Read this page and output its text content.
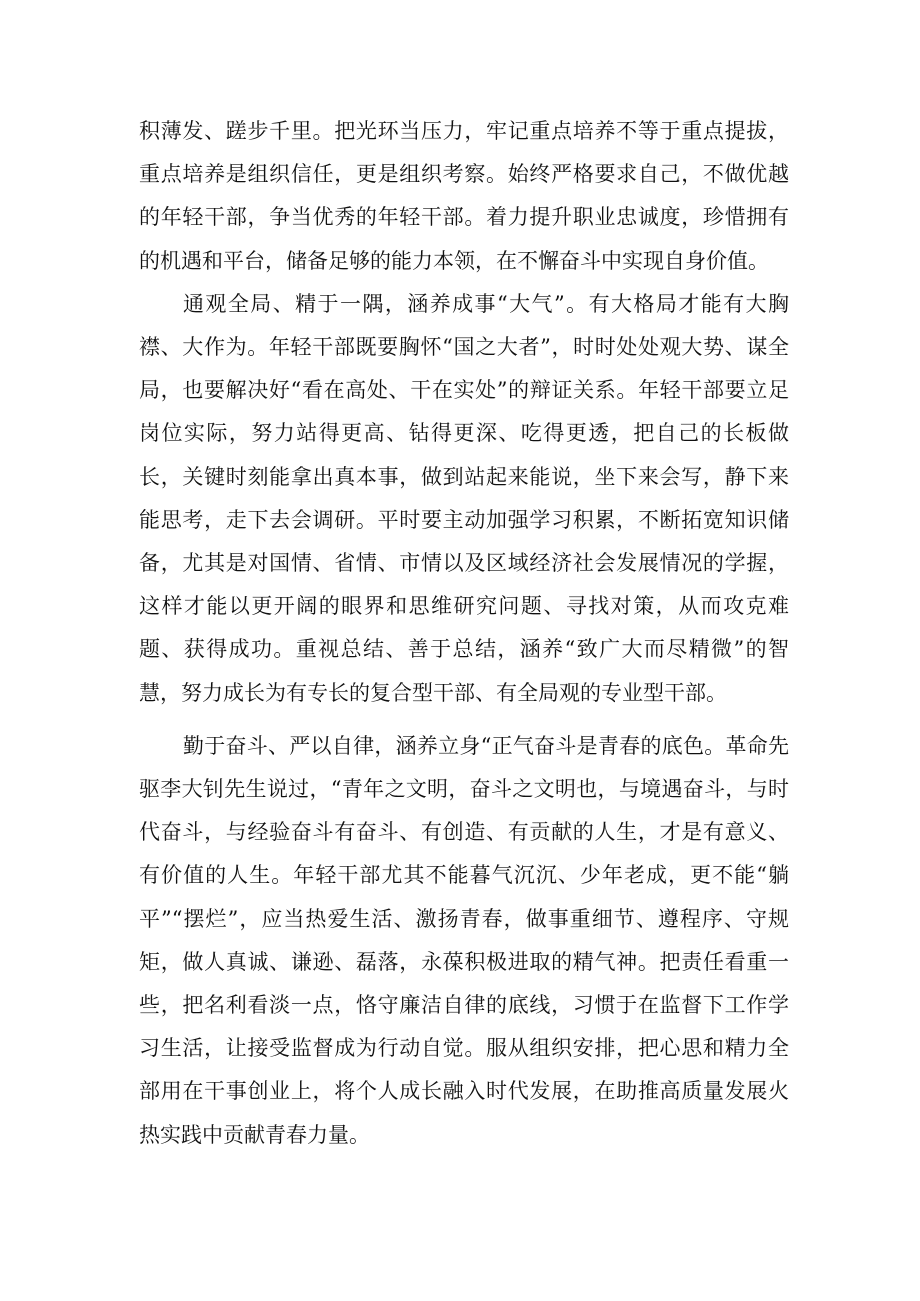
积薄发、蹉步千里。把光环当压力，牢记重点培养不等于重点提拔，重点培养是组织信任，更是组织考察。始终严格要求自己，不做优越的年轻干部，争当优秀的年轻干部。着力提升职业忠诚度，珍惜拥有的机遇和平台，储备足够的能力本领，在不懈奋斗中实现自身价值。

通观全局、精于一隅，涵养成事“大气”。有大格局才能有大胸襟、大作为。年轻干部既要胸怀“国之大者”，时时处处观大势、谋全局，也要解决好“看在高处、干在实处”的辩证关系。年轻干部要立足岗位实际，努力站得更高、钻得更深、吃得更透，把自己的长板做长，关键时刻能拿出真本事，做到站起来能说，坐下来会写，静下来能思考，走下去会调研。平时要主动加强学习积累，不断拓宽知识储备，尤其是对国情、省情、市情以及区域经济社会发展情况的学握，这样才能以更开阔的眼界和思维研究问题、寻找对策，从而攻克难题、获得成功。重视总结、善于总结，涵养“致广大而尽精微”的智慧，努力成长为有专长的复合型干部、有全局观的专业型干部。

勤于奋斗、严以自律，涵养立身“正气奋斗是青春的底色。革命先驱李大钊先生说过，“青年之文明，奋斗之文明也，与境遇奋斗，与时代奋斗，与经验奋斗有奋斗、有创造、有贡献的人生，才是有意义、有价值的人生。年轻干部尤其不能暮气沉沉、少年老成，更不能“躺平”“摆烂”，应当热爱生活、激扬青春，做事重细节、遵程序、守规矩，做人真诚、谦逊、磊落，永葆积极进取的精气神。把责任看重一些，把名利看淡一点，恪守廉洁自律的底线，习惯于在监督下工作学习生活，让接受监督成为行动自觉。服从组织安排，把心思和精力全部用在干事创业上，将个人成长融入时代发展，在助推高质量发展火热实践中贡献青春力量。
